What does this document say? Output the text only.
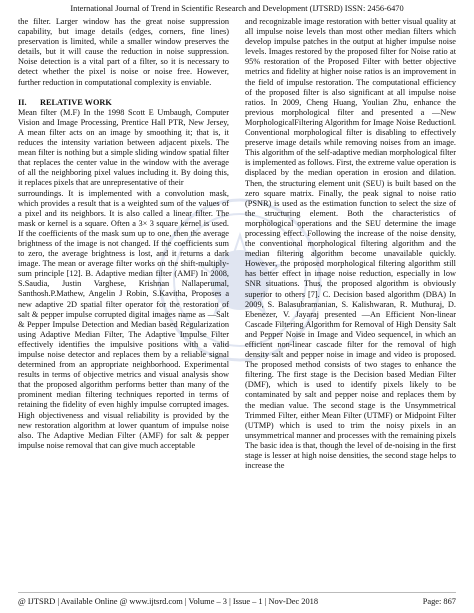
International Journal of Trend in Scientific Research and Development (IJTSRD) ISSN: 2456-6470

the filter. Larger window has the great noise suppression capability, but image details (edges, corners, fine lines) preservation is limited, while a smaller window preserves the details, but it will cause the reduction in noise suppression. Noise detection is a vital part of a filter, so it is necessary to detect whether the pixel is noise or noise free. However, further reduction in computational complexity is enviable.

II. RELATIVE WORK

Mean filter (M.F) In the 1998 Scott E Umbaugh, Computer Vision and Image Processing, Prentice Hall PTR, New Jersey, A mean filter acts on an image by smoothing it; that is, it reduces the intensity variation between adjacent pixels. The mean filter is nothing but a simple sliding window spatial filter that replaces the center value in the window with the average of all the neighboring pixel values including it. By doing this, it replaces pixels that are unrepresentative of their

surroundings. It is implemented with a convolution mask, which provides a result that is a weighted sum of the values of a pixel and its neighbors. It is also called a linear filter. The mask or kernel is a square. Often a 3× 3 square kernel is used. If the coefficients of the mask sum up to one, then the average brightness of the image is not changed. If the coefficients sum to zero, the average brightness is lost, and it returns a dark image. The mean or average filter works on the shift-multiply-sum principle [12]. B. Adaptive median filter (AMF) In 2008, S.Saudia, Justin Varghese, Krishnan Nallaperumal, Santhosh.P.Mathew, Angelin J Robin, S.Kavitha, Proposes a new adaptive 2D spatial filter operator for the restoration of salt & pepper impulse corrupted digital images name as —Salt & Pepper Impulse Detection and Median based Regularization using Adaptive Median Filter, The Adaptive Impulse Filter effectively identifies the impulsive positions with a valid impulse noise detector and replaces them by a reliable signal determined from an appropriate neighborhood. Experimental results in terms of objective metrics and visual analysis show that the proposed algorithm performs better than many of the prominent median filtering techniques reported in terms of retaining the fidelity of even highly impulse corrupted images. High objectiveness and visual reliability is provided by the new restoration algorithm at lower quantum of impulse noise also. The Adaptive Median Filter (AMF) for salt & pepper impulse noise removal that can give much acceptable

and recognizable image restoration with better visual quality at all impulse noise levels than most other median filters which develop impulse patches in the output at higher impulse noise levels. Images restored by the proposed filter for Noise ratio at 95% restoration of the Proposed Filter with better objective metrics and fidelity at higher noise ratios is an improvement in the field of impulse restoration. The computational efficiency of the proposed filter is also significant at all impulse noise ratios. In 2009, Cheng Huang, Youlian Zhu, enhance the previous morphological filter and presented a —New MorphologicalFiltering Algorithm for Image Noise Reduction‖. Conventional morphological filter is disabling to effectively preserve image details while removing noises from an image. This algorithm of the self-adaptive median morphological filter is implemented as follows. First, the extreme value operation is displaced by the median operation in erosion and dilation. Then, the structuring element unit (SEU) is built based on the zero square matrix. Finally, the peak signal to noise ratio (PSNR) is used as the estimation function to select the size of the structuring element. Both the characteristics of morphological operations and the SEU determine the image processing effect. Following the increase of the noise density, the conventional morphological filtering algorithm and the median filtering algorithm become unavailable quickly. However, the proposed morphological filtering algorithm still has better effect in image noise reduction, especially in low SNR situations. Thus, the proposed algorithm is obviously superior to others [7]. C. Decision based algorithm (DBA) In 2009, S. Balasubramanian, S. Kalishwaran, R. Muthuraj, D. Ebenezer, V. Jayaraj presented —An Efficient Non-linear Cascade Filtering Algorithm for Removal of High Density Salt and Pepper Noise in Image and Video sequence‖, in which an efficient non-linear cascade filter for the removal of high density salt and pepper noise in image and video is proposed. The proposed method consists of two stages to enhance the filtering. The first stage is the Decision based Median Filter (DMF), which is used to identify pixels likely to be contaminated by salt and pepper noise and replaces them by the median value. The second stage is the Unsymmetrical Trimmed Filter, either Mean Filter (UTMF) or Midpoint Filter (UTMP) which is used to trim the noisy pixels in an unsymmetrical manner and processes with the remaining pixels The basic idea is that, though the level of de-noising in the first stage is lesser at high noise densities, the second stage helps to increase the

@ IJTSRD | Available Online @ www.ijtsrd.com | Volume – 3 | Issue – 1 | Nov-Dec 2018	Page: 867
